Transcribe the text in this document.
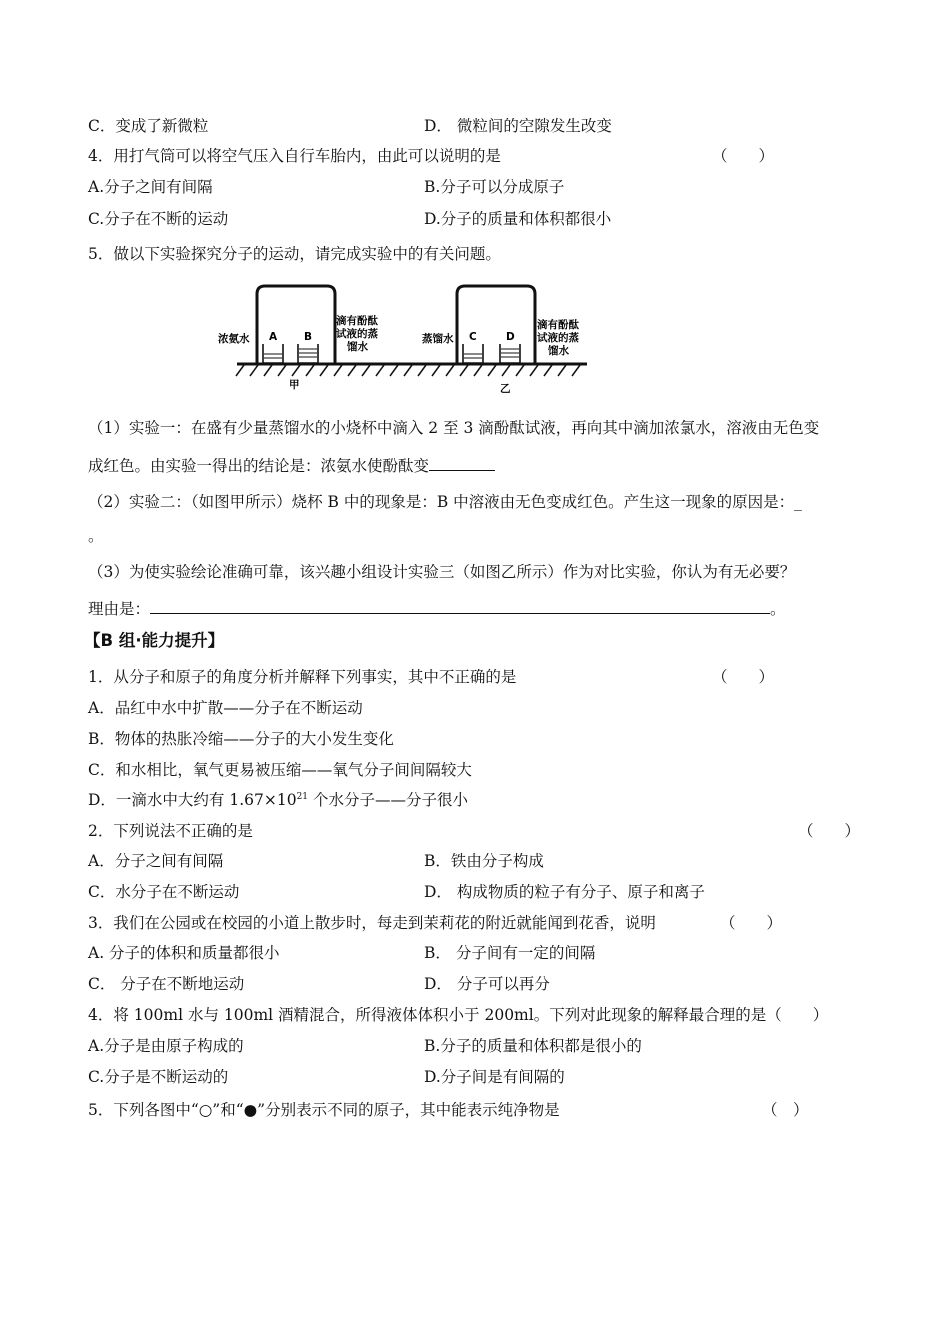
C．变成了新微粒	D． 微粒间的空隙发生改变
4．用打气筒可以将空气压入自行车胎内，由此可以说明的是	（　　）
A.分子之间有间隔	B.分子可以分成原子
C.分子在不断的运动	D.分子的质量和体积都很小
5．做以下实验探究分子的运动，请完成实验中的有关问题。
浓氨水 A	B
滴有酚酞
试液的蒸
馏水
甲
蒸馏水 C	D
滴有酚酞
试液的蒸
馏水
乙
（1）实验一：在盛有少量蒸馏水的小烧杯中滴入 2 至 3 滴酚酞试液，再向其中滴加浓氯水，溶液由无色变
成红色。由实验一得出的结论是：浓氨水使酚酞变
（2）实验二：（如图甲所示）烧杯 B 中的现象是：B 中溶液由无色变成红色。产生这一现象的原因是：_
。
（3）为使实验绘论准确可靠，该兴趣小组设计实验三（如图乙所示）作为对比实验，你认为有无必要？
理由是：	。
【B 组·能力提升】
1．从分子和原子的角度分析并解释下列事实，其中不正确的是	（　　）
A．品红中水中扩散——分子在不断运动
B．物体的热胀冷缩——分子的大小发生变化
C．和水相比，氧气更易被压缩——氧气分子间间隔较大
D．一滴水中大约有 $1.67\times 10^{21}$ 个水分子——分子很小
2．下列说法不正确的是	（　　）
A．分子之间有间隔	B．铁由分子构成
C．水分子在不断运动	D． 构成物质的粒子有分子、原子和离子
3．我们在公园或在校园的小道上散步时，每走到茉莉花的附近就能闻到花香，说明	（　　）
A. 分子的体积和质量都很小	B． 分子间有一定的间隔
C． 分子在不断地运动	D． 分子可以再分
4．将 100ml 水与 100ml 酒精混合，所得液体体积小于 200ml。下列对此现象的解释最合理的是（　　）
A.分子是由原子构成的	B.分子的质量和体积都是很小的
C.分子是不断运动的	D.分子间是有间隔的
5．下列各图中“○”和“●”分别表示不同的原子，其中能表示纯净物是	（　）
